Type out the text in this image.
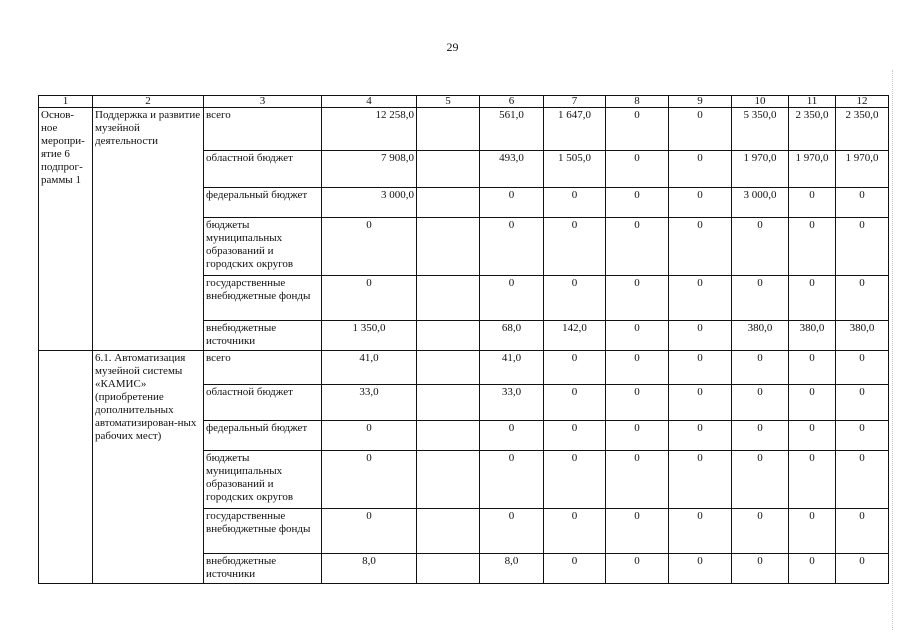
29
1	2	3	4	5	6	7	8	9	10	11	12
Основ-ное меропри-ятие 6 подпрог-раммы 1	Поддержка и развитие музейной деятельности	всего	12 258,0		561,0	1 647,0	0	0	5 350,0	2 350,0	2 350,0
		областной бюджет	7 908,0		493,0	1 505,0	0	0	1 970,0	1 970,0	1 970,0
		федеральный бюджет	3 000,0		0	0	0	0	3 000,0	0	0
		бюджеты муниципальных образований и городских округов	0		0	0	0	0	0	0	0
		государственные внебюджетные фонды	0		0	0	0	0	0	0	0
		внебюджетные источники	1 350,0		68,0	142,0	0	0	380,0	380,0	380,0
	6.1. Автоматизация музейной системы «КАМИС» (приобретение дополнительных автоматизирован-ных рабочих мест)	всего	41,0		41,0	0	0	0	0	0	0
		областной бюджет	33,0		33,0	0	0	0	0	0	0
		федеральный бюджет	0		0	0	0	0	0	0	0
		бюджеты муниципальных образований и городских округов	0		0	0	0	0	0	0	0
		государственные внебюджетные фонды	0		0	0	0	0	0	0	0
		внебюджетные источники	8,0		8,0	0	0	0	0	0	0
